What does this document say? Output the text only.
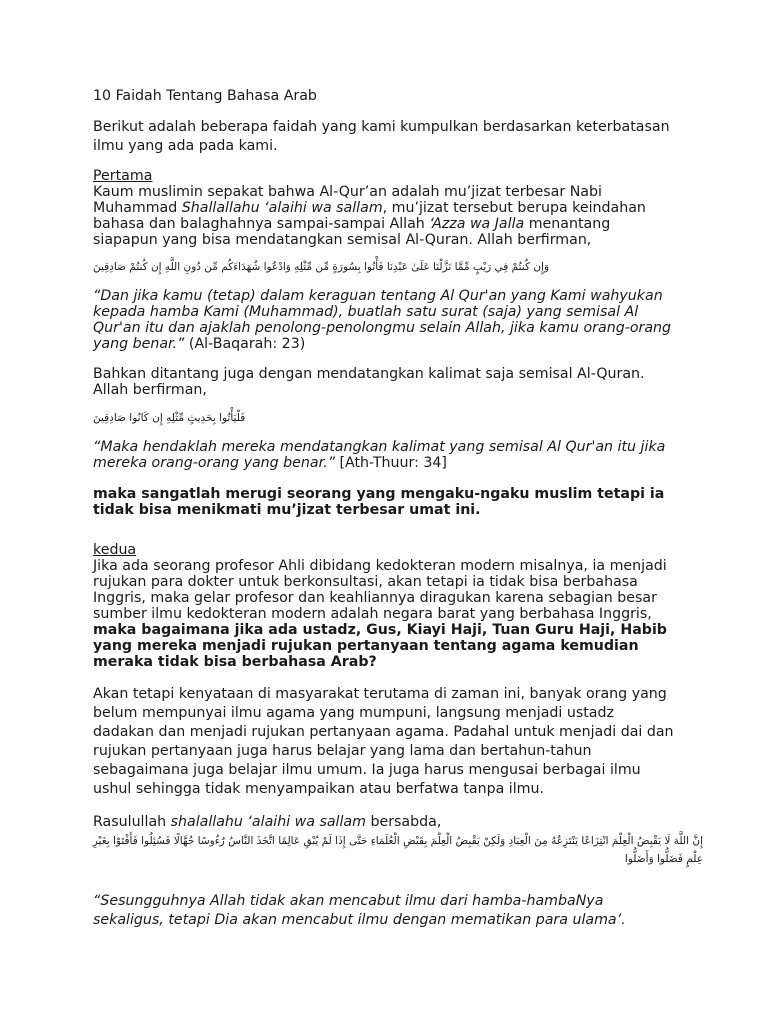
10 Faidah Tentang Bahasa Arab

Berikut adalah beberapa faidah yang kami kumpulkan berdasarkan keterbatasan ilmu yang ada pada kami.

Pertama

Kaum muslimin sepakat bahwa Al-Qur’an adalah mu’jizat terbesar Nabi Muhammad Shallallahu ‘alaihi wa sallam, mu’jizat tersebut berupa keindahan bahasa dan balaghahnya sampai-sampai Allah ‘Azza wa Jalla menantang siapapun yang bisa mendatangkan semisal Al-Quran. Allah berfirman,

وَإِن كُنتُمْ فِي رَيْبٍ مِّمَّا نَزَّلْنَا عَلَىٰ عَبْدِنَا فَأْتُوا بِسُورَةٍ مِّن مِّثْلِهِ وَادْعُوا شُهَدَاءَكُم مِّن دُونِ اللَّهِ إِن كُنتُمْ صَادِقِينَ

“Dan jika kamu (tetap) dalam keraguan tentang Al Qur'an yang Kami wahyukan kepada hamba Kami (Muhammad), buatlah satu surat (saja) yang semisal Al Qur'an itu dan ajaklah penolong-penolongmu selain Allah, jika kamu orang-orang yang benar.” (Al-Baqarah: 23)

Bahkan ditantang juga dengan mendatangkan kalimat saja semisal Al-Quran. Allah berfirman,

فَلْيَأْتُوا بِحَدِيثٍ مِّثْلِهِ إِن كَانُوا صَادِقِينَ

“Maka hendaklah mereka mendatangkan kalimat yang semisal Al Qur'an itu jika mereka orang-orang yang benar.” [Ath-Thuur: 34]

maka sangatlah merugi seorang yang mengaku-ngaku muslim tetapi ia tidak bisa menikmati mu’jizat terbesar umat ini.

kedua

Jika ada seorang profesor Ahli dibidang kedokteran modern misalnya, ia menjadi rujukan para dokter untuk berkonsultasi, akan tetapi ia tidak bisa berbahasa Inggris, maka gelar profesor dan keahliannya diragukan karena sebagian besar sumber ilmu kedokteran modern adalah negara barat yang berbahasa Inggris, maka bagaimana jika ada ustadz, Gus, Kiayi Haji, Tuan Guru Haji, Habib yang mereka menjadi rujukan pertanyaan tentang agama kemudian meraka tidak bisa berbahasa Arab?

Akan tetapi kenyataan di masyarakat terutama di zaman ini, banyak orang yang belum mempunyai ilmu agama yang mumpuni, langsung menjadi ustadz dadakan dan menjadi rujukan pertanyaan agama. Padahal untuk menjadi dai dan rujukan pertanyaan juga harus belajar yang lama dan bertahun-tahun sebagaimana juga belajar ilmu umum. Ia juga harus mengusai berbagai ilmu ushul sehingga tidak menyampaikan atau berfatwa tanpa ilmu.

Rasulullah shalallahu ‘alaihi wa sallam bersabda,

إِنَّ اللَّهَ لَا يَقْبِضُ الْعِلْمَ انْتِزَاعًا يَنْتَزِعُهُ مِنَ الْعِبَادِ وَلَكِنْ يَقْبِضُ الْعِلْمَ بِقَبْضِ الْعُلَمَاءِ حَتَّى إِذَا لَمْ يُبْقِ عَالِمًا اتَّخَذَ النَّاسُ رُءُوسًا جُهَّالًا فَسُئِلُوا فَأَفْتَوْا بِغَيْرِ عِلْمٍ فَضَلُّوا وَأَضَلُّوا

“Sesungguhnya Allah tidak akan mencabut ilmu dari hamba-hambaNya sekaligus, tetapi Dia akan mencabut ilmu dengan mematikan para ulama’.
